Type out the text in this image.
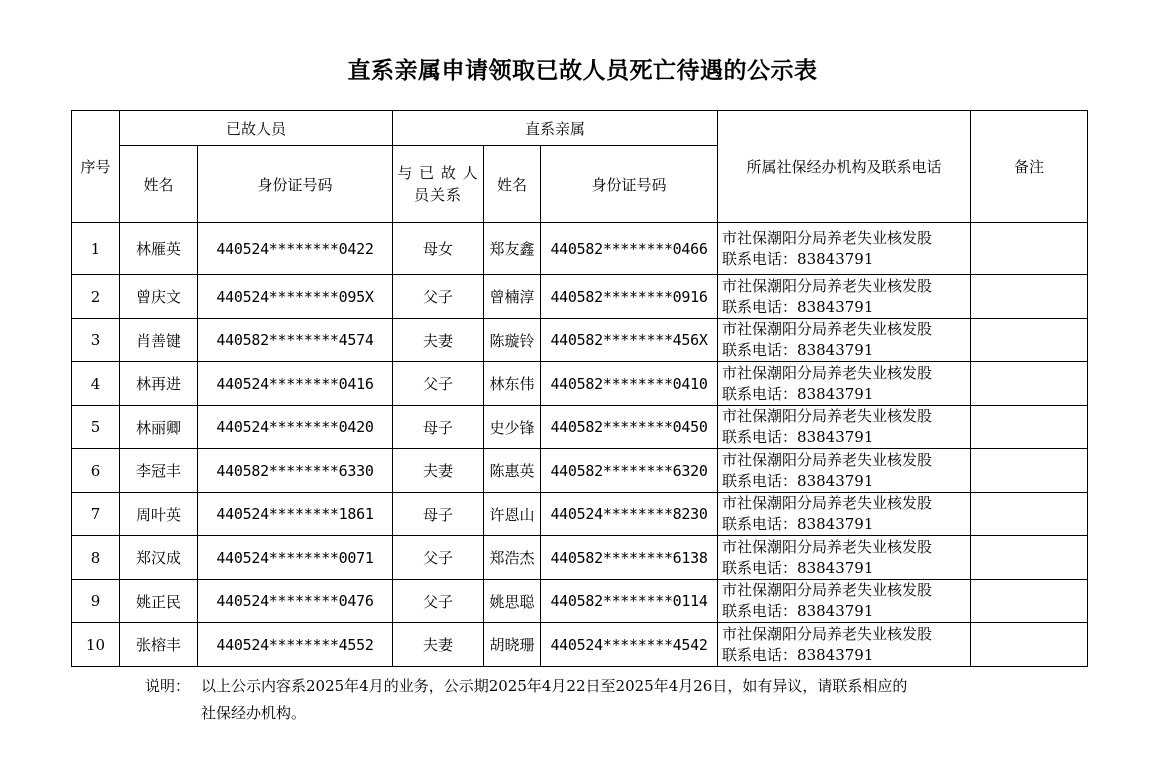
直系亲属申请领取已故人员死亡待遇的公示表
序号	已故人员		直系亲属			所属社保经办机构及联系电话	备注
	姓名	身份证号码	与 已 故 人员关系	姓名	身份证号码		
1	林雁英	440524********0422	母女	郑友鑫	440582********0466	市社保潮阳分局养老失业核发股
联系电话：83843791	

2	曾庆文	440524********095X	父子	曾楠淳	440582********0916	市社保潮阳分局养老失业核发股
联系电话：83843791	

3	肖善键	440582********4574	夫妻	陈璇铃	440582********456X	市社保潮阳分局养老失业核发股
联系电话：83843791	

4	林再进	440524********0416	父子	林东伟	440582********0410	市社保潮阳分局养老失业核发股
联系电话：83843791	

5	林丽卿	440524********0420	母子	史少锋	440582********0450	市社保潮阳分局养老失业核发股
联系电话：83843791	

6	李冠丰	440582********6330	夫妻	陈惠英	440582********6320	市社保潮阳分局养老失业核发股
联系电话：83843791	

7	周叶英	440524********1861	母子	许恩山	440524********8230	市社保潮阳分局养老失业核发股
联系电话：83843791	

8	郑汉成	440524********0071	父子	郑浩杰	440582********6138	市社保潮阳分局养老失业核发股
联系电话：83843791	

9	姚正民	440524********0476	父子	姚思聪	440582********0114	市社保潮阳分局养老失业核发股
联系电话：83843791	

10	张榕丰	440524********4552	夫妻	胡晓珊	440524********4542	市社保潮阳分局养老失业核发股
联系电话：83843791	

说明： 以上公示内容系2025年4月的业务，公示期2025年4月22日至2025年4月26日，如有异议，请联系相应的
社保经办机构。
